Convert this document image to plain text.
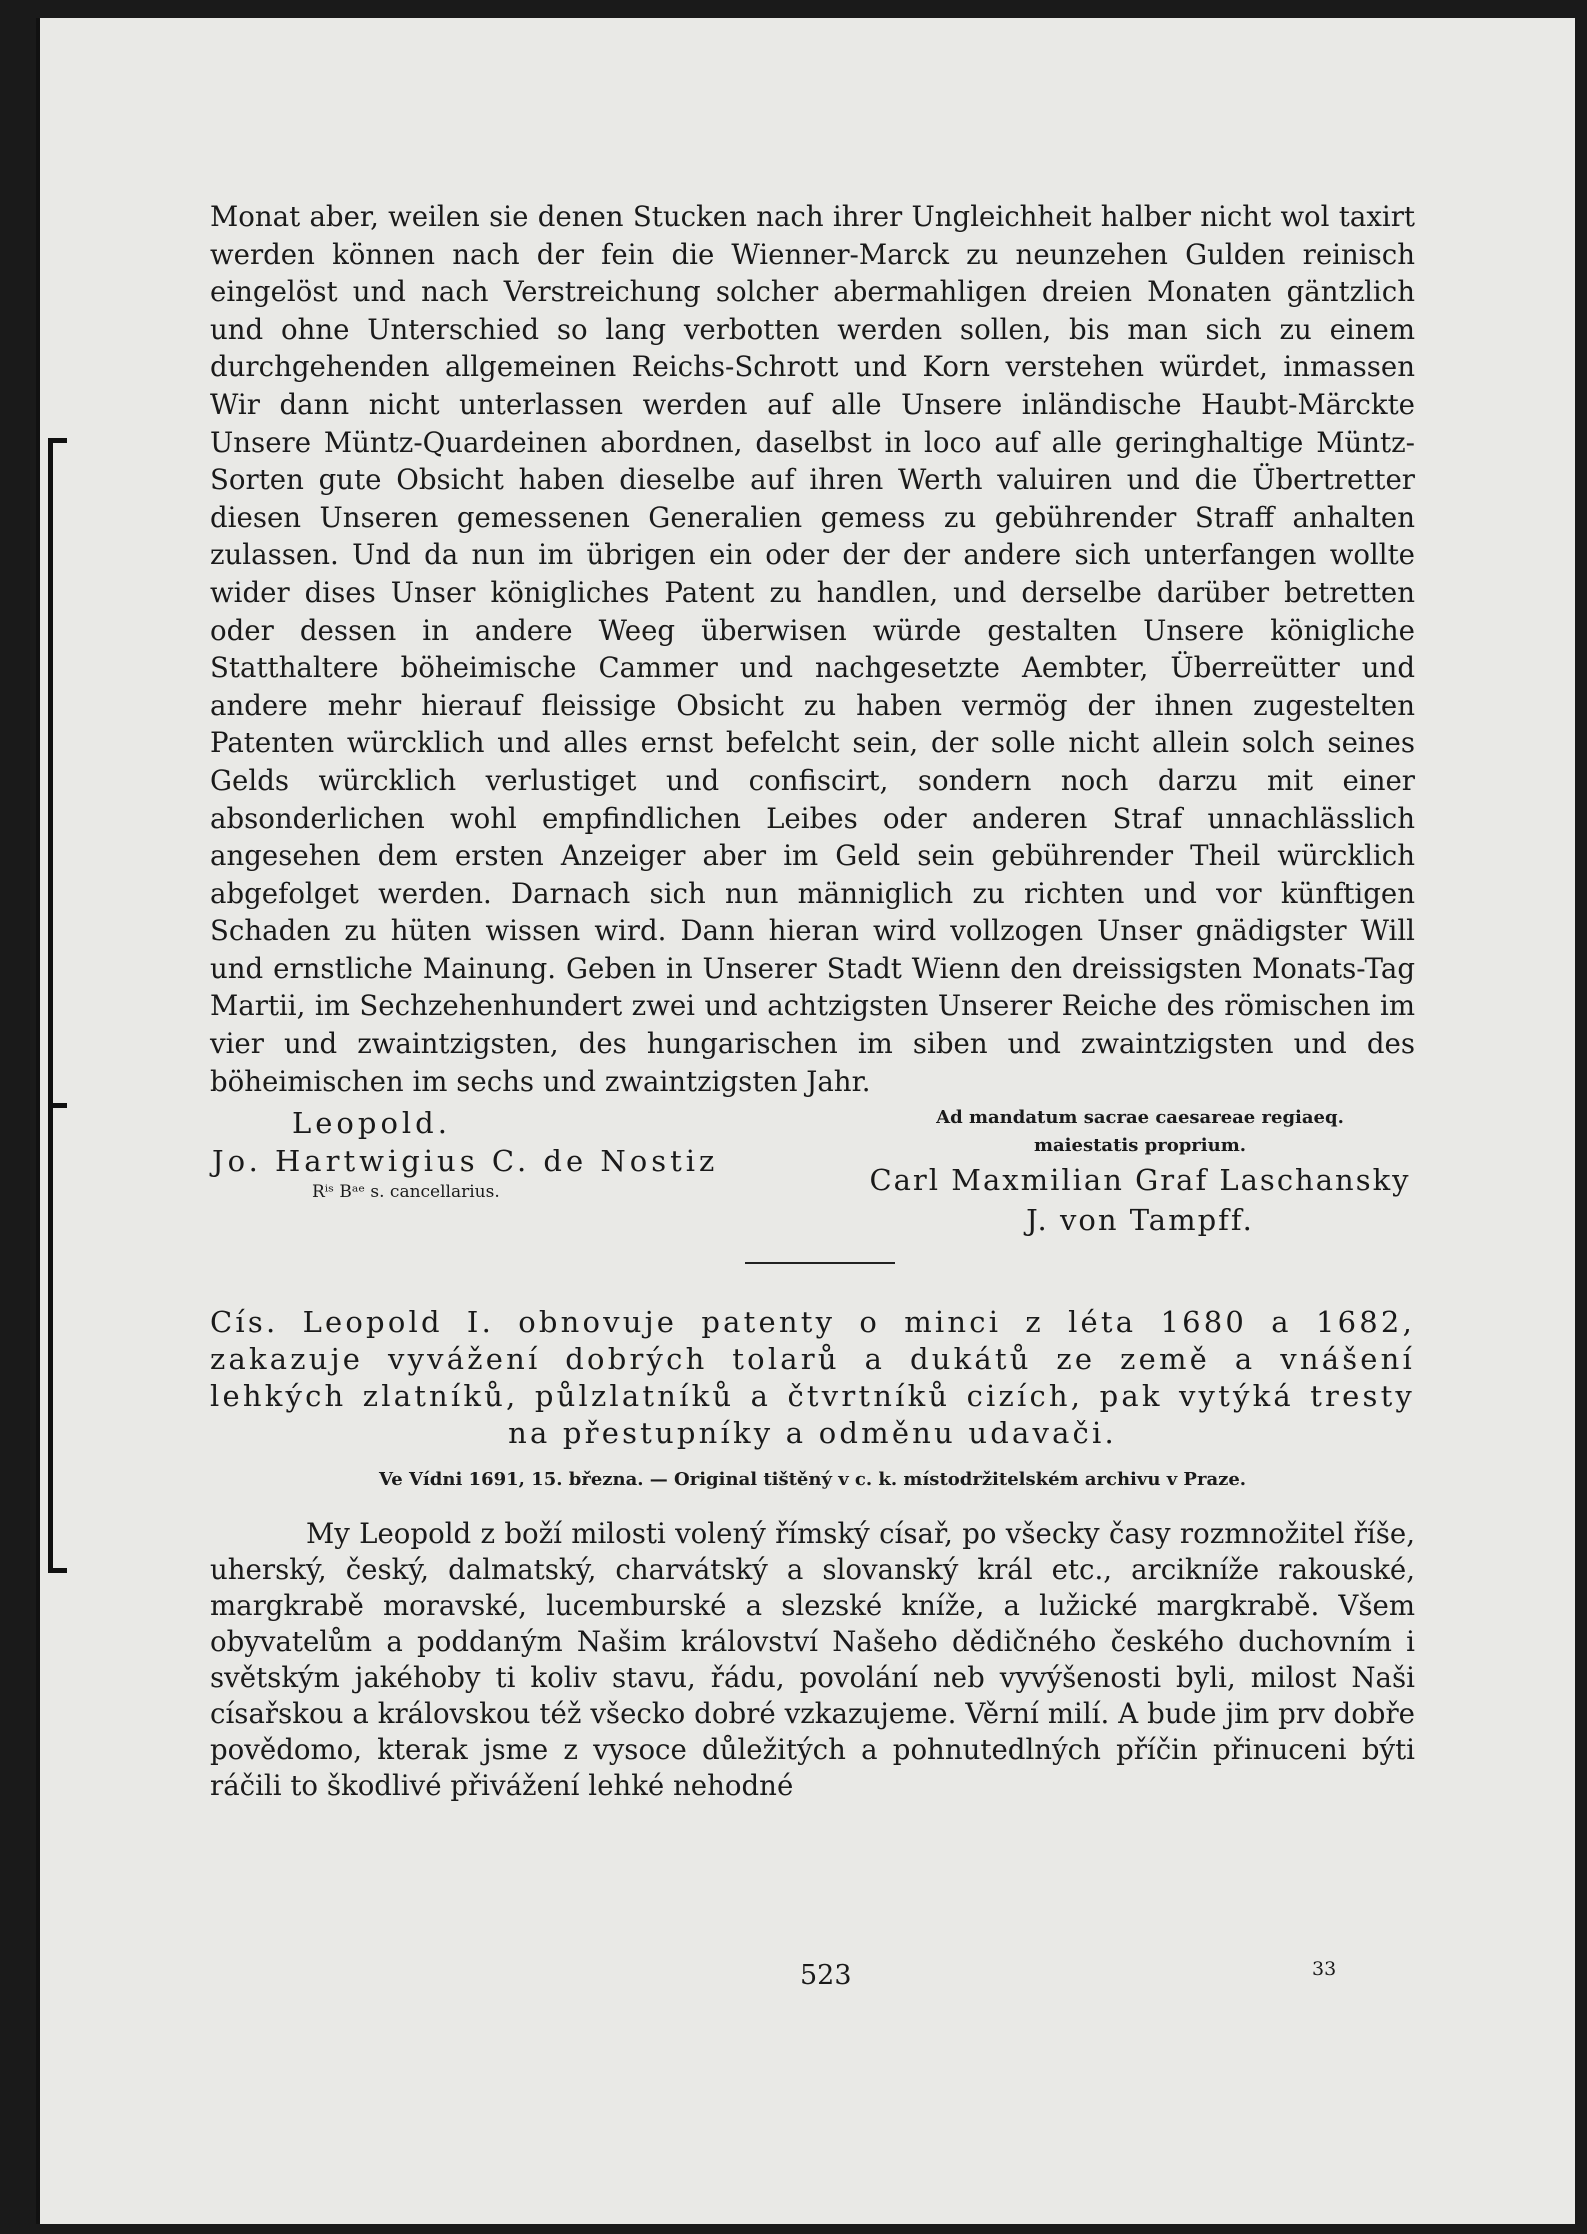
Monat aber, weilen sie denen Stucken nach ihrer Ungleichheit halber nicht wol taxirt werden können nach der fein die Wienner-Marck zu neunzehen Gulden reinisch eingelöst und nach Verstreichung solcher abermahligen dreien Monaten gäntzlich und ohne Unterschied so lang verbotten werden sollen, bis man sich zu einem durchgehenden allgemeinen Reichs-Schrott und Korn verstehen würdet, inmassen Wir dann nicht unterlassen werden auf alle Unsere inländische Haubt-Märckte Unsere Müntz-Quardeinen abordnen, daselbst in loco auf alle geringhaltige Müntz-Sorten gute Obsicht haben dieselbe auf ihren Werth valuiren und die Übertretter diesen Unseren gemessenen Generalien gemess zu gebührender Straff anhalten zulassen. Und da nun im übrigen ein oder der der andere sich unterfangen wollte wider dises Unser königliches Patent zu handlen, und derselbe darüber betretten oder dessen in andere Weeg überwisen würde gestalten Unsere königliche Statthaltere böheimische Cammer und nachgesetzte Aembter, Überreütter und andere mehr hierauf fleissige Obsicht zu haben vermög der ihnen zugestelten Patenten würcklich und alles ernst befelcht sein, der solle nicht allein solch seines Gelds würcklich verlustiget und confiscirt, sondern noch darzu mit einer absonderlichen wohl empfindlichen Leibes oder anderen Straf unnachlässlich angesehen dem ersten Anzeiger aber im Geld sein gebührender Theil würcklich abgefolget werden. Darnach sich nun männiglich zu richten und vor künftigen Schaden zu hüten wissen wird. Dann hieran wird vollzogen Unser gnädigster Will und ernstliche Mainung. Geben in Unserer Stadt Wienn den dreissigsten Monats-Tag Martii, im Sechzehenhundert zwei und achtzigsten Unserer Reiche des römischen im vier und zwaintzigsten, des hungarischen im siben und zwaintzigsten und des böheimischen im sechs und zwaintzigsten Jahr.

Leopold.

Jo. Hartwigius C. de Nostiz

Rⁱˢ Bᵃᵉ s. cancellarius.

Ad mandatum sacrae caesareae regiaeq.

maiestatis proprium.

Carl Maxmilian Graf Laschansky

J. von Tampff.

Cís. Leopold I. obnovuje patenty o minci z léta 1680 a 1682, zakazuje vyvážení dobrých tolarů a dukátů ze země a vnášení lehkých zlatníků, půlzlatníků a čtvrtníků cizích, pak vytýká tresty na přestupníky a odměnu udavači.
Ve Vídni 1691, 15. března. — Original tištěný v c. k. místodržitelském archivu v Praze.

My Leopold z boží milosti volený římský císař, po všecky časy rozmnožitel říše, uherský, český, dalmatský, charvátský a slovanský král etc., arcikníže rakouské, margkrabě moravské, lucemburské a slezské kníže, a lužické margkrabě. Všem obyvatelům a poddaným Našim království Našeho dědičného českého duchovním i světským jakéhoby ti koliv stavu, řádu, povolání neb vyvýšenosti byli, milost Naši císařskou a královskou též všecko dobré vzkazujeme. Věrní milí. A bude jim prv dobře povědomo, kterak jsme z vysoce důležitých a pohnutedlných příčin přinuceni býti ráčili to škodlivé přivážení lehké nehodné

523	33
